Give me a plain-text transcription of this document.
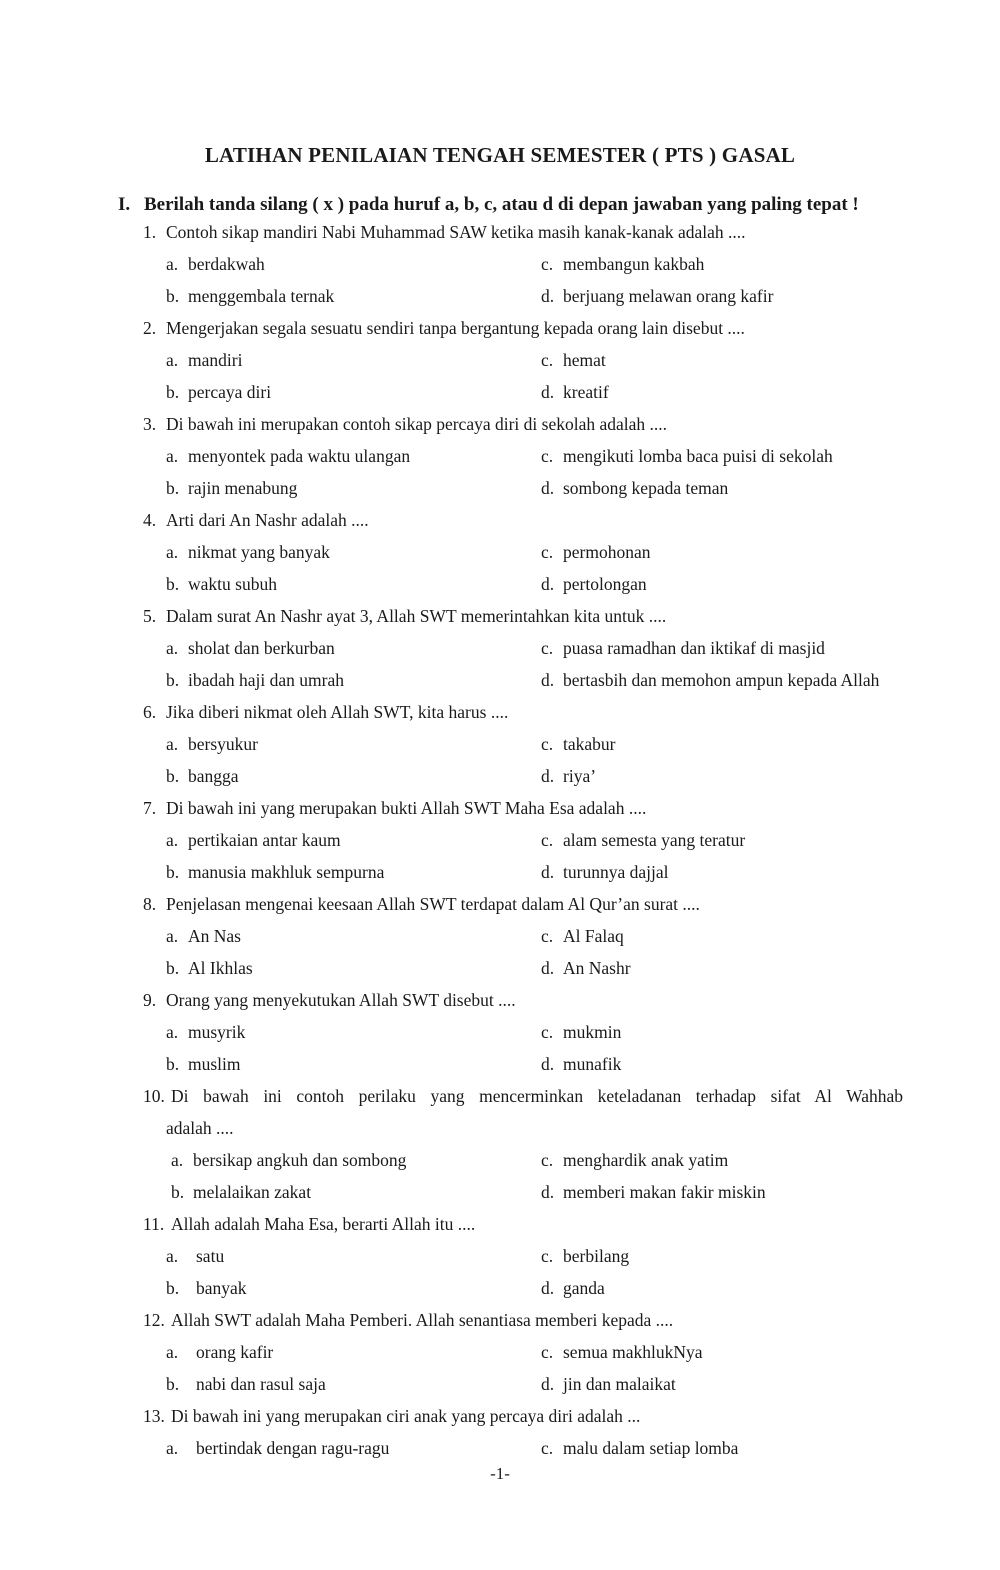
LATIHAN PENILAIAN TENGAH SEMESTER ( PTS ) GASAL
I. Berilah tanda silang ( x ) pada huruf a, b, c, atau d di depan jawaban yang paling tepat !
1. Contoh sikap mandiri Nabi Muhammad SAW ketika masih kanak-kanak adalah ....
a. berdakwah	c. membangun kakbah
b. menggembala ternak	d. berjuang melawan orang kafir
2. Mengerjakan segala sesuatu sendiri tanpa bergantung kepada orang lain disebut ....
a. mandiri	c. hemat
b. percaya diri	d. kreatif
3. Di bawah ini merupakan contoh sikap percaya diri di sekolah adalah ....
a. menyontek pada waktu ulangan	c. mengikuti lomba baca puisi di sekolah
b. rajin menabung	d. sombong kepada teman
4. Arti dari An Nashr adalah ....
a. nikmat yang banyak	c. permohonan
b. waktu subuh	d. pertolongan
5. Dalam surat An Nashr ayat 3, Allah SWT memerintahkan kita untuk ....
a. sholat dan berkurban	c. puasa ramadhan dan iktikaf di masjid
b. ibadah haji dan umrah	d. bertasbih dan memohon ampun kepada Allah
6. Jika diberi nikmat oleh Allah SWT, kita harus ....
a. bersyukur	c. takabur
b. bangga	d. riya’
7. Di bawah ini yang merupakan bukti Allah SWT Maha Esa adalah ....
a. pertikaian antar kaum	c. alam semesta yang teratur
b. manusia makhluk sempurna	d. turunnya dajjal
8. Penjelasan mengenai keesaan Allah SWT terdapat dalam Al Qur’an surat ....
a. An Nas	c. Al Falaq
b. Al Ikhlas	d. An Nashr
9. Orang yang menyekutukan Allah SWT disebut ....
a. musyrik	c. mukmin
b. muslim	d. munafik
10. Di bawah ini contoh perilaku yang mencerminkan keteladanan terhadap sifat Al Wahhab
adalah ....
a. bersikap angkuh dan sombong	c. menghardik anak yatim
b. melalaikan zakat	d. memberi makan fakir miskin
11. Allah adalah Maha Esa, berarti Allah itu ....
a. satu	c. berbilang
b. banyak	d. ganda
12. Allah SWT adalah Maha Pemberi. Allah senantiasa memberi kepada ....
a. orang kafir	c. semua makhlukNya
b. nabi dan rasul saja	d. jin dan malaikat
13. Di bawah ini yang merupakan ciri anak yang percaya diri adalah ...
a. bertindak dengan ragu-ragu	c. malu dalam setiap lomba
-1-
